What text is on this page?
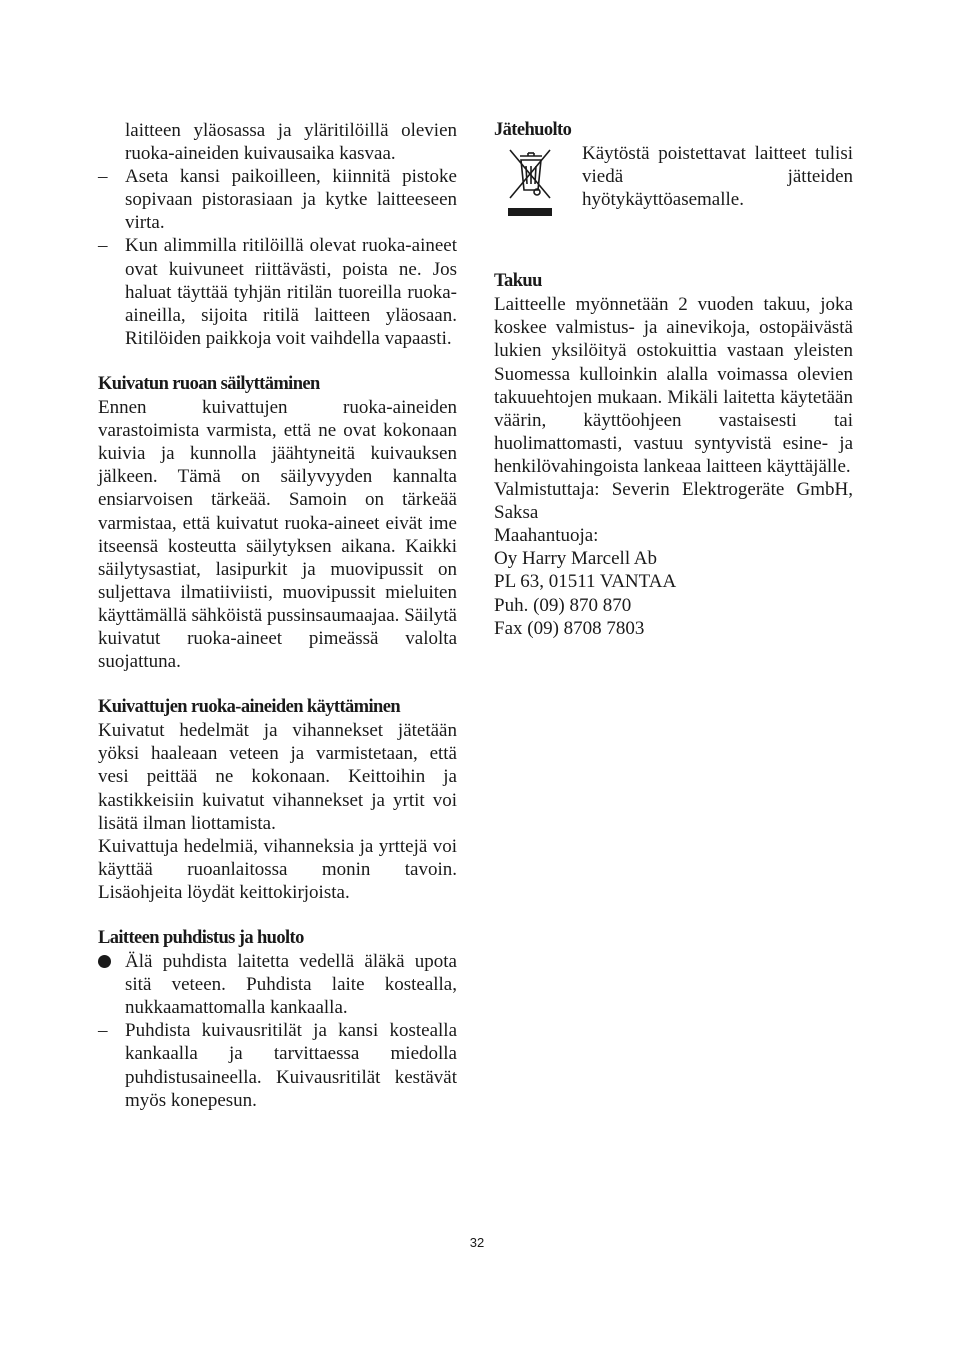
laitteen yläosassa ja yläritilöillä olevien ruoka-aineiden kuivausaika kasvaa.

– Aseta kansi paikoilleen, kiinnitä pistoke sopivaan pistorasiaan ja kytke laitteeseen virta.
– Kun alimmilla ritilöillä olevat ruoka-aineet ovat kuivuneet riittävästi, poista ne. Jos haluat täyttää tyhjän ritilän tuoreilla ruoka-aineilla, sijoita ritilä laitteen yläosaan. Ritilöiden paikkoja voit vaihdella vapaasti.

Kuivatun ruoan säilyttäminen

Ennen kuivattujen ruoka-aineiden varastoimista varmista, että ne ovat kokonaan kuivia ja kunnolla jäähtyneitä kuivauksen jälkeen. Tämä on säilyvyyden kannalta ensiarvoisen tärkeää. Samoin on tärkeää varmistaa, että kuivatut ruoka-aineet eivät ime itseensä kosteutta säilytyksen aikana. Kaikki säilytysastiat, lasipurkit ja muovipussit on suljettava ilmatiiviisti, muovipussit mieluiten käyttämällä sähköistä pussinsaumaajaa. Säilytä kuivatut ruoka-aineet pimeässä valolta suojattuna.

Kuivattujen ruoka-aineiden käyttäminen

Kuivatut hedelmät ja vihannekset jätetään yöksi haaleaan veteen ja varmistetaan, että vesi peittää ne kokonaan. Keittoihin ja kastikkeisiin kuivatut vihannekset ja yrtit voi lisätä ilman liottamista.

Kuivattuja hedelmiä, vihanneksia ja yrttejä voi käyttää ruoanlaitossa monin tavoin. Lisäohjeita löydät keittokirjoista.

Laitteen puhdistus ja huolto

Älä puhdista laitetta vedellä äläkä upota sitä veteen. Puhdista laite kostealla, nukkaamattomalla kankaalla.
– Puhdista kuivausritilät ja kansi kostealla kankaalla ja tarvittaessa miedolla puhdistusaineella. Kuivausritilät kestävät myös konepesun.

Jätehuolto

Käytöstä poistettavat laitteet tulisi viedä jätteiden hyötykäyttöasemalle.

Takuu

Laitteelle myönnetään 2 vuoden takuu, joka koskee valmistus- ja ainevikoja, ostopäivästä lukien yksilöityä ostokuittia vastaan yleisten Suomessa kulloinkin alalla voimassa olevien takuuehtojen mukaan. Mikäli laitetta käytetään väärin, käyttöohjeen vastaisesti tai huolimattomasti, vastuu syntyvistä esine- ja henkilövahingoista lankeaa laitteen käyttäjälle.

Valmistuttaja: Severin Elektrogeräte GmbH, Saksa

Maahantuoja:

Oy Harry Marcell Ab

PL 63, 01511 VANTAA

Puh. (09) 870 870

Fax (09) 8708 7803

32
